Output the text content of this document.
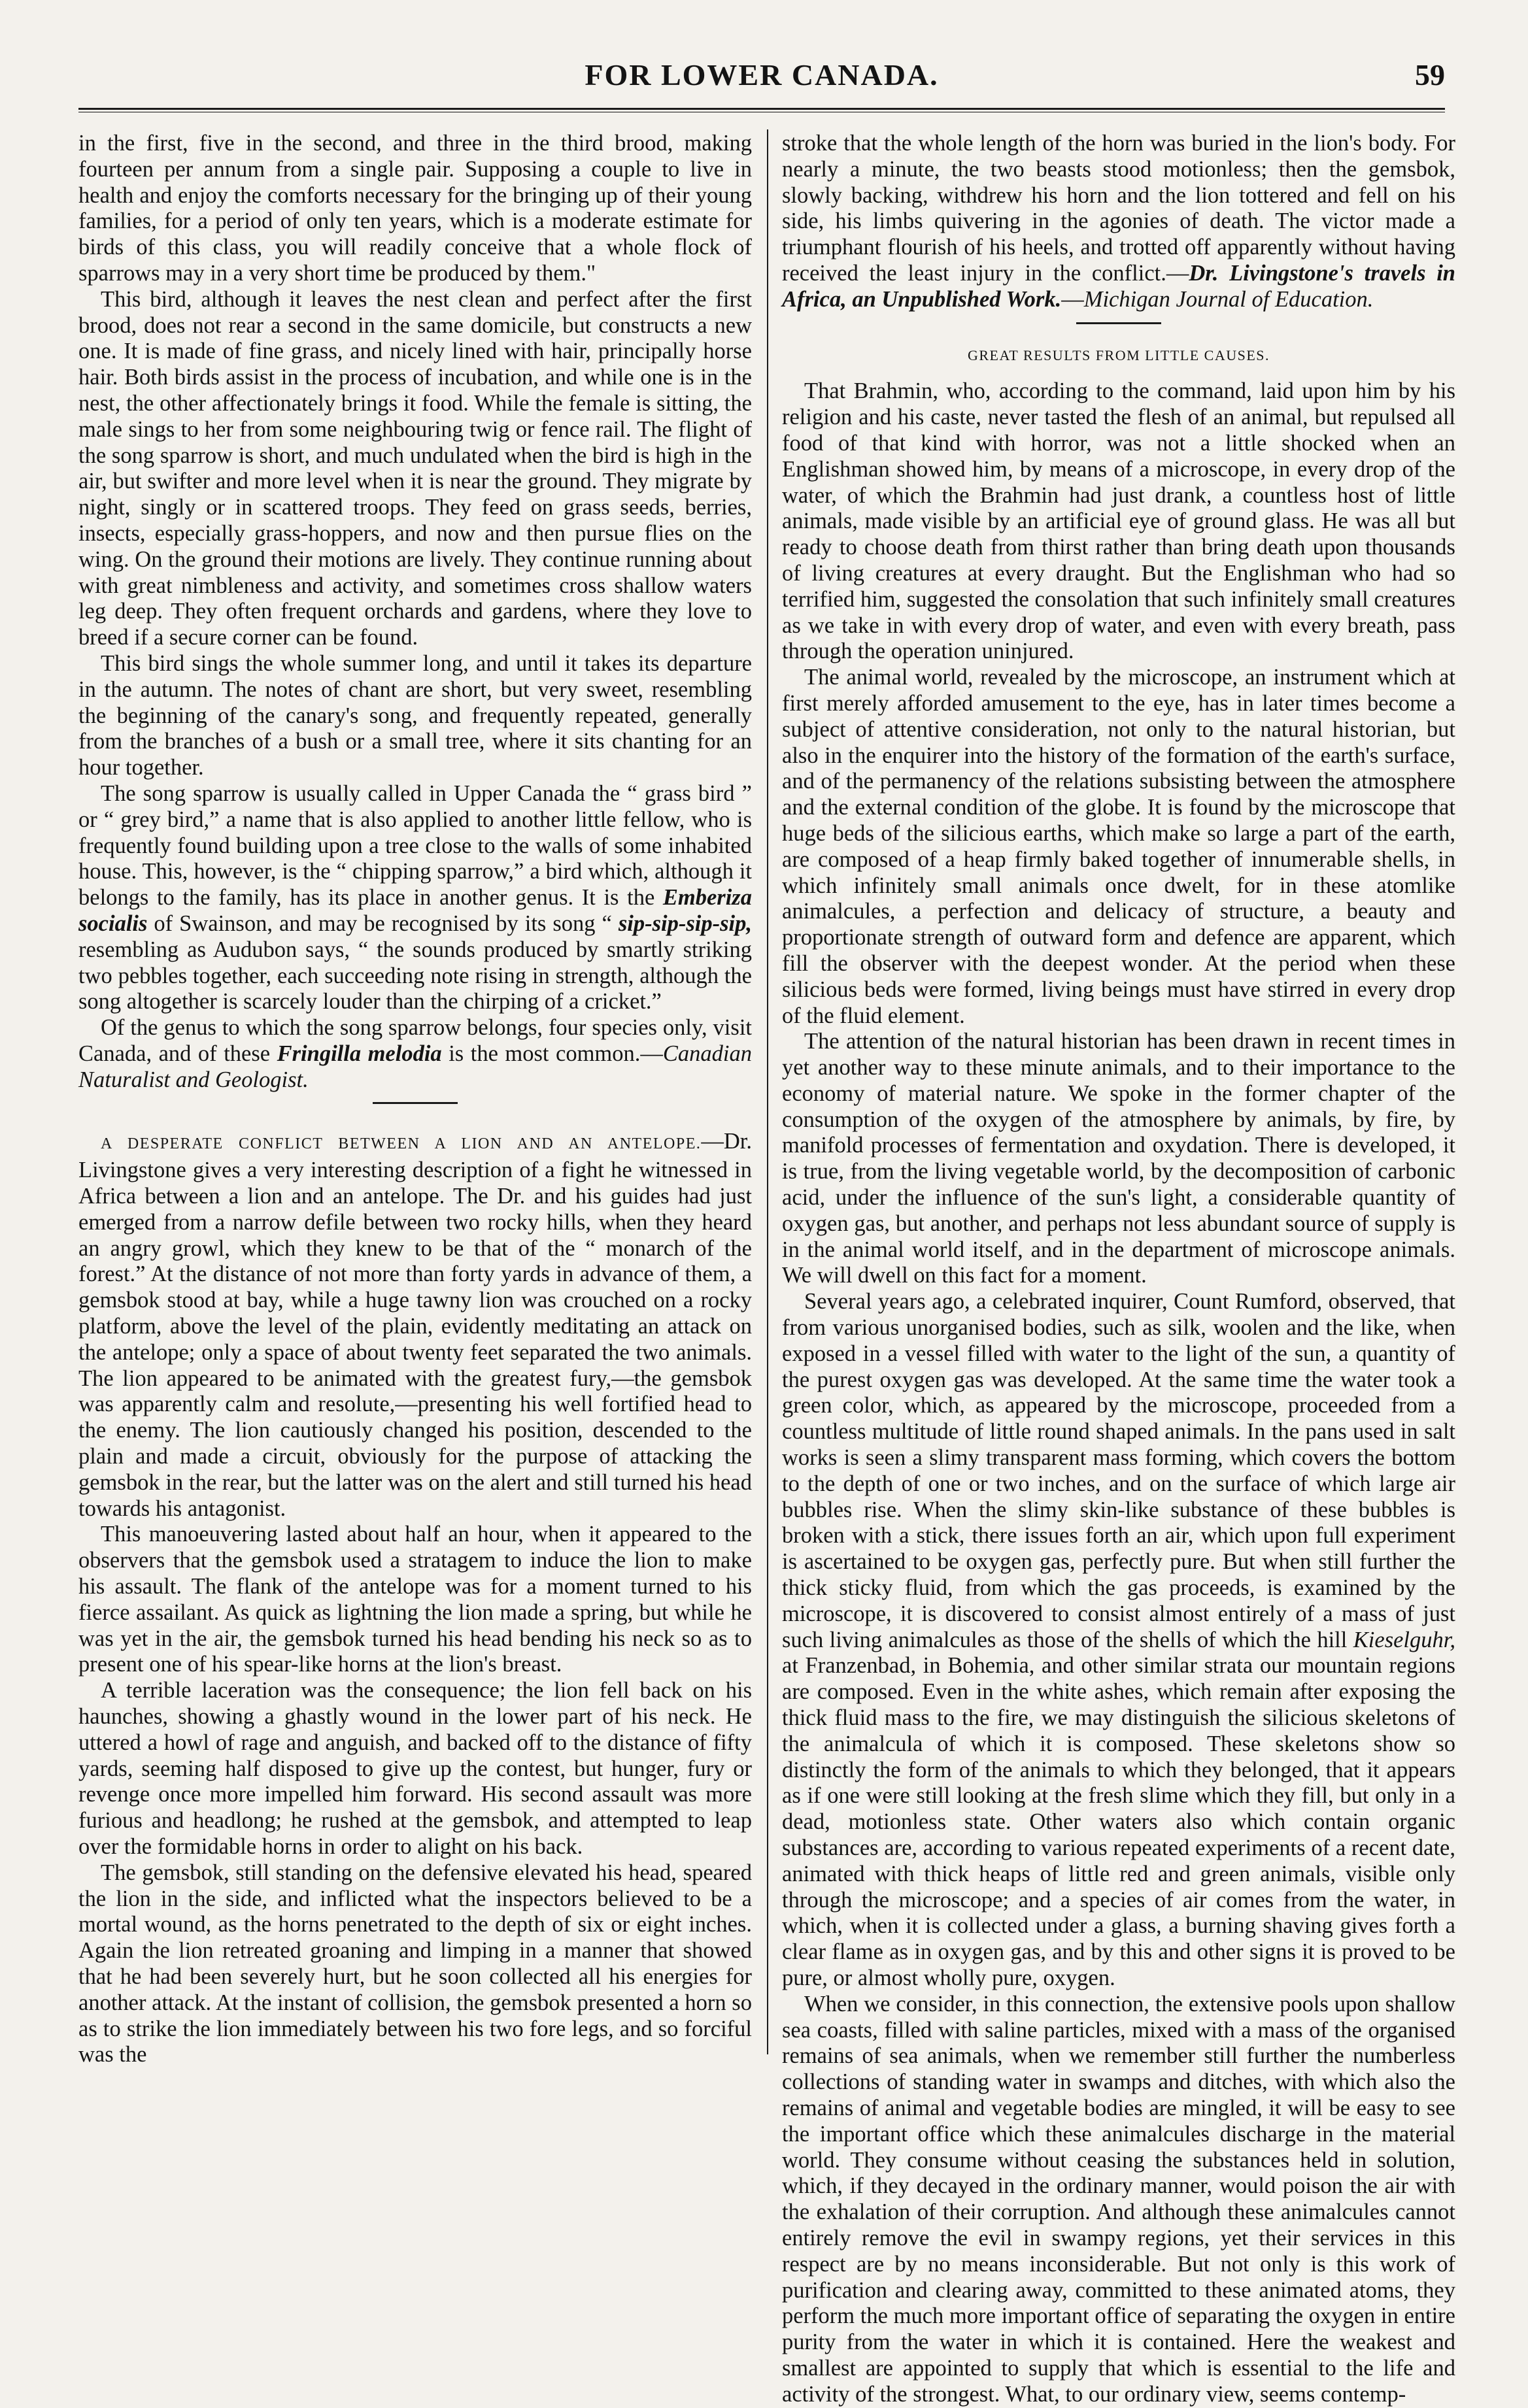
FOR LOWER CANADA.	59

in the first, five in the second, and three in the third brood, making fourteen per annum from a single pair. Supposing a couple to live in health and enjoy the comforts necessary for the bringing up of their young families, for a period of only ten years, which is a moderate estimate for birds of this class, you will readily conceive that a whole flock of sparrows may in a very short time be produced by them."

This bird, although it leaves the nest clean and perfect after the first brood, does not rear a second in the same domicile, but constructs a new one. It is made of fine grass, and nicely lined with hair, principally horse hair. Both birds assist in the process of incubation, and while one is in the nest, the other affectionately brings it food. While the female is sitting, the male sings to her from some neighbouring twig or fence rail. The flight of the song sparrow is short, and much undulated when the bird is high in the air, but swifter and more level when it is near the ground. They migrate by night, singly or in scattered troops. They feed on grass seeds, berries, insects, especially grass-hoppers, and now and then pursue flies on the wing. On the ground their motions are lively. They continue running about with great nimbleness and activity, and sometimes cross shallow waters leg deep. They often frequent orchards and gardens, where they love to breed if a secure corner can be found.

This bird sings the whole summer long, and until it takes its departure in the autumn. The notes of chant are short, but very sweet, resembling the beginning of the canary's song, and frequently repeated, generally from the branches of a bush or a small tree, where it sits chanting for an hour together.

The song sparrow is usually called in Upper Canada the “ grass bird ” or “ grey bird,” a name that is also applied to another little fellow, who is frequently found building upon a tree close to the walls of some inhabited house. This, however, is the “ chipping sparrow,” a bird which, although it belongs to the family, has its place in another genus. It is the Emberiza socialis of Swainson, and may be recognised by its song “ sip-sip-sip-sip, resembling as Audubon says, “ the sounds produced by smartly striking two pebbles together, each succeeding note rising in strength, although the song altogether is scarcely louder than the chirping of a cricket.”

Of the genus to which the song sparrow belongs, four species only, visit Canada, and of these Fringilla melodia is the most common.—Canadian Naturalist and Geologist.

A DESPERATE CONFLICT BETWEEN A LION AND AN ANTELOPE.—Dr. Livingstone gives a very interesting description of a fight he witnessed in Africa between a lion and an antelope. The Dr. and his guides had just emerged from a narrow defile between two rocky hills, when they heard an angry growl, which they knew to be that of the “ monarch of the forest.” At the distance of not more than forty yards in advance of them, a gemsbok stood at bay, while a huge tawny lion was crouched on a rocky platform, above the level of the plain, evidently meditating an attack on the antelope; only a space of about twenty feet separated the two animals. The lion appeared to be animated with the greatest fury,—the gemsbok was apparently calm and resolute,—presenting his well fortified head to the enemy. The lion cautiously changed his position, descended to the plain and made a circuit, obviously for the purpose of attacking the gemsbok in the rear, but the latter was on the alert and still turned his head towards his antagonist.

This manoeuvering lasted about half an hour, when it appeared to the observers that the gemsbok used a stratagem to induce the lion to make his assault. The flank of the antelope was for a moment turned to his fierce assailant. As quick as lightning the lion made a spring, but while he was yet in the air, the gemsbok turned his head bending his neck so as to present one of his spear-like horns at the lion's breast.

A terrible laceration was the consequence; the lion fell back on his haunches, showing a ghastly wound in the lower part of his neck. He uttered a howl of rage and anguish, and backed off to the distance of fifty yards, seeming half disposed to give up the contest, but hunger, fury or revenge once more impelled him forward. His second assault was more furious and headlong; he rushed at the gemsbok, and attempted to leap over the formidable horns in order to alight on his back.

The gemsbok, still standing on the defensive elevated his head, speared the lion in the side, and inflicted what the inspectors believed to be a mortal wound, as the horns penetrated to the depth of six or eight inches. Again the lion retreated groaning and limping in a manner that showed that he had been severely hurt, but he soon collected all his energies for another attack. At the instant of collision, the gemsbok presented a horn so as to strike the lion immediately between his two fore legs, and so forciful was the

stroke that the whole length of the horn was buried in the lion's body. For nearly a minute, the two beasts stood motionless; then the gemsbok, slowly backing, withdrew his horn and the lion tottered and fell on his side, his limbs quivering in the agonies of death. The victor made a triumphant flourish of his heels, and trotted off apparently without having received the least injury in the conflict.—Dr. Livingstone's travels in Africa, an Unpublished Work.—Michigan Journal of Education.

GREAT RESULTS FROM LITTLE CAUSES.

That Brahmin, who, according to the command, laid upon him by his religion and his caste, never tasted the flesh of an animal, but repulsed all food of that kind with horror, was not a little shocked when an Englishman showed him, by means of a microscope, in every drop of the water, of which the Brahmin had just drank, a countless host of little animals, made visible by an artificial eye of ground glass. He was all but ready to choose death from thirst rather than bring death upon thousands of living creatures at every draught. But the Englishman who had so terrified him, suggested the consolation that such infinitely small creatures as we take in with every drop of water, and even with every breath, pass through the operation uninjured.

The animal world, revealed by the microscope, an instrument which at first merely afforded amusement to the eye, has in later times become a subject of attentive consideration, not only to the natural historian, but also in the enquirer into the history of the formation of the earth's surface, and of the permanency of the relations subsisting between the atmosphere and the external condition of the globe. It is found by the microscope that huge beds of the silicious earths, which make so large a part of the earth, are composed of a heap firmly baked together of innumerable shells, in which infinitely small animals once dwelt, for in these atomlike animalcules, a perfection and delicacy of structure, a beauty and proportionate strength of outward form and defence are apparent, which fill the observer with the deepest wonder. At the period when these silicious beds were formed, living beings must have stirred in every drop of the fluid element.

The attention of the natural historian has been drawn in recent times in yet another way to these minute animals, and to their importance to the economy of material nature. We spoke in the former chapter of the consumption of the oxygen of the atmosphere by animals, by fire, by manifold processes of fermentation and oxydation. There is developed, it is true, from the living vegetable world, by the decomposition of carbonic acid, under the influence of the sun's light, a considerable quantity of oxygen gas, but another, and perhaps not less abundant source of supply is in the animal world itself, and in the department of microscope animals. We will dwell on this fact for a moment.

Several years ago, a celebrated inquirer, Count Rumford, observed, that from various unorganised bodies, such as silk, woolen and the like, when exposed in a vessel filled with water to the light of the sun, a quantity of the purest oxygen gas was developed. At the same time the water took a green color, which, as appeared by the microscope, proceeded from a countless multitude of little round shaped animals. In the pans used in salt works is seen a slimy transparent mass forming, which covers the bottom to the depth of one or two inches, and on the surface of which large air bubbles rise. When the slimy skin-like substance of these bubbles is broken with a stick, there issues forth an air, which upon full experiment is ascertained to be oxygen gas, perfectly pure. But when still further the thick sticky fluid, from which the gas proceeds, is examined by the microscope, it is discovered to consist almost entirely of a mass of just such living animalcules as those of the shells of which the hill Kieselguhr, at Franzenbad, in Bohemia, and other similar strata our mountain regions are composed. Even in the white ashes, which remain after exposing the thick fluid mass to the fire, we may distinguish the silicious skeletons of the animalcula of which it is composed. These skeletons show so distinctly the form of the animals to which they belonged, that it appears as if one were still looking at the fresh slime which they fill, but only in a dead, motionless state. Other waters also which contain organic substances are, according to various repeated experiments of a recent date, animated with thick heaps of little red and green animals, visible only through the microscope; and a species of air comes from the water, in which, when it is collected under a glass, a burning shaving gives forth a clear flame as in oxygen gas, and by this and other signs it is proved to be pure, or almost wholly pure, oxygen.

When we consider, in this connection, the extensive pools upon shallow sea coasts, filled with saline particles, mixed with a mass of the organised remains of sea animals, when we remember still further the numberless collections of standing water in swamps and ditches, with which also the remains of animal and vegetable bodies are mingled, it will be easy to see the important office which these animalcules discharge in the material world. They consume without ceasing the substances held in solution, which, if they decayed in the ordinary manner, would poison the air with the exhalation of their corruption. And although these animalcules cannot entirely remove the evil in swampy regions, yet their services in this respect are by no means inconsiderable. But not only is this work of purification and clearing away, committed to these animated atoms, they perform the much more important office of separating the oxygen in entire purity from the water in which it is contained. Here the weakest and smallest are appointed to supply that which is essential to the life and activity of the strongest. What, to our ordinary view, seems contemp-
